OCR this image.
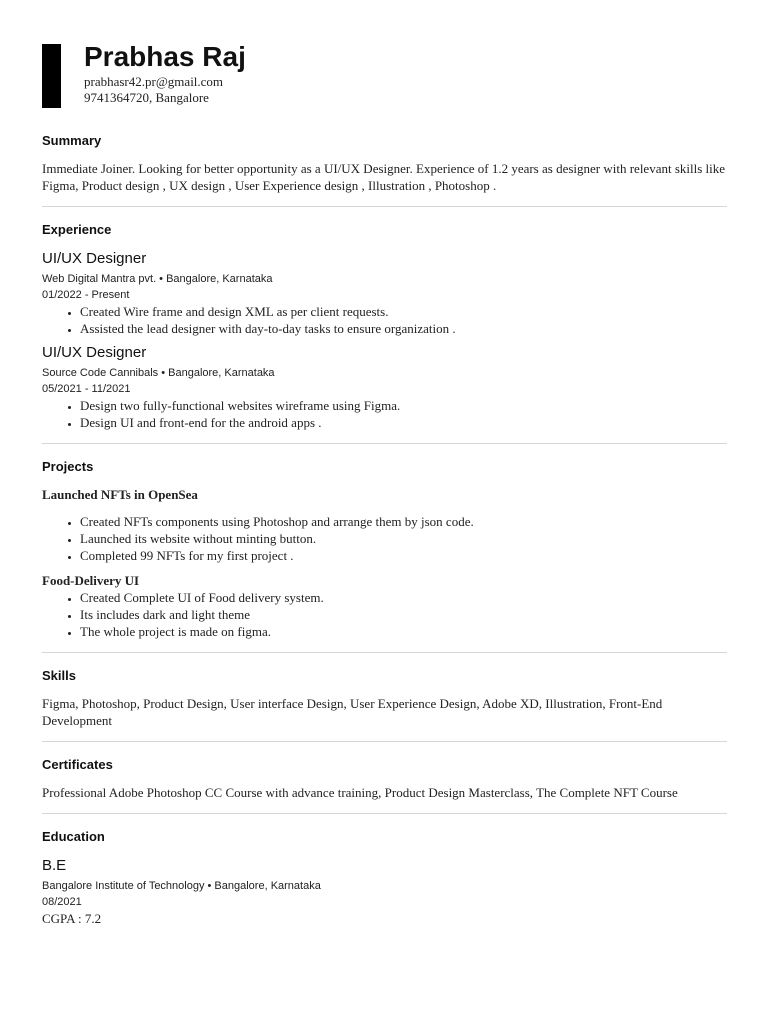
Prabhas Raj
prabhasr42.pr@gmail.com
9741364720, Bangalore
Summary

Immediate Joiner. Looking for better opportunity as a UI/UX Designer. Experience of 1.2 years as designer with relevant skills like Figma, Product design , UX design , User Experience design , Illustration , Photoshop .

Experience
UI/UX Designer
Web Digital Mantra pvt. • Bangalore, Karnataka
01/2022 - Present
• Created Wire frame and design XML as per client requests.
• Assisted the lead designer with day-to-day tasks to ensure organization .
UI/UX Designer
Source Code Cannibals • Bangalore, Karnataka
05/2021 - 11/2021
• Design two fully-functional websites wireframe using Figma.
• Design UI and front-end for the android apps .
Projects
Launched NFTs in OpenSea
• Created NFTs components using Photoshop and arrange them by json code.
• Launched its website without minting button.
• Completed 99 NFTs for my first project .
Food-Delivery UI
• Created Complete UI of Food delivery system.
• Its includes dark and light theme
• The whole project is made on figma.
Skills

Figma, Photoshop, Product Design, User interface Design, User Experience Design, Adobe XD, Illustration, Front-End Development

Certificates

Professional Adobe Photoshop CC Course with advance training, Product Design Masterclass, The Complete NFT Course

Education
B.E
Bangalore Institute of Technology • Bangalore, Karnataka
08/2021
CGPA : 7.2
